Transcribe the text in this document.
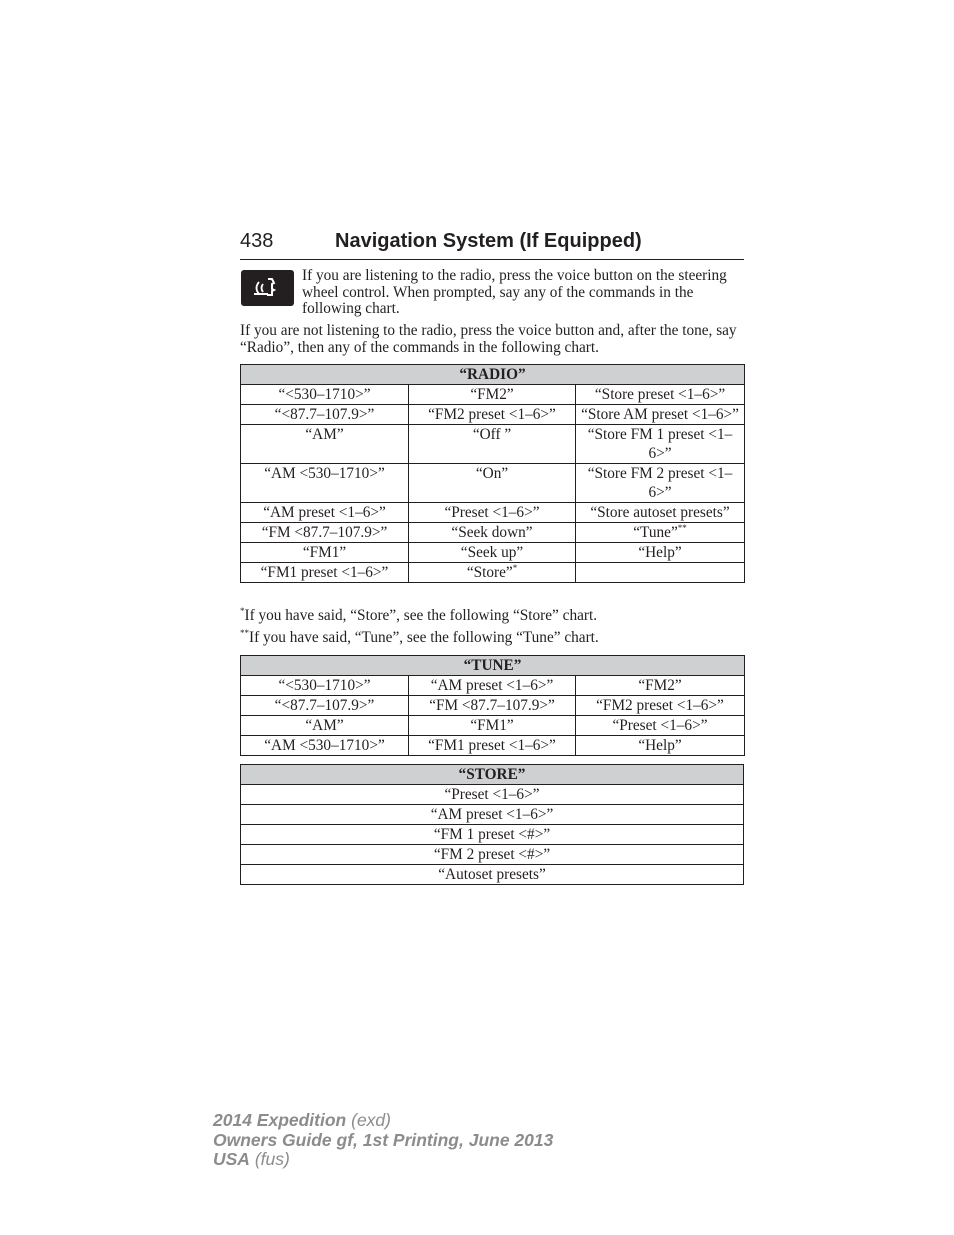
438	Navigation System (If Equipped)

If you are listening to the radio, press the voice button on the steering wheel control. When prompted, say any of the commands in the following chart.

If you are not listening to the radio, press the voice button and, after the tone, say “Radio”, then any of the commands in the following chart.

“RADIO”		
“<530–1710>”	“FM2”	“Store preset <1–6>”
“<87.7–107.9>”	“FM2 preset <1–6>”	“Store AM preset <1–6>”
“AM”	“Off ”	“Store FM 1 preset <1–6>”
“AM <530–1710>”	“On”	“Store FM 2 preset <1–6>”
“AM preset <1–6>”	“Preset <1–6>”	“Store autoset presets”
“FM <87.7–107.9>”	“Seek down”	“Tune”**
“FM1”	“Seek up”	“Help”
“FM1 preset <1–6>”	“Store”*	

*If you have said, “Store”, see the following “Store” chart.

**If you have said, “Tune”, see the following “Tune” chart.

“TUNE”		
“<530–1710>”	“AM preset <1–6>”	“FM2”
“<87.7–107.9>”	“FM <87.7–107.9>”	“FM2 preset <1–6>”
“AM”	“FM1”	“Preset <1–6>”
“AM <530–1710>”	“FM1 preset <1–6>”	“Help”
“STORE”
“Preset <1–6>”
“AM preset <1–6>”
“FM 1 preset <#>”
“FM 2 preset <#>”
“Autoset presets”
2014 Expedition (exd)
Owners Guide gf, 1st Printing, June 2013
USA (fus)
